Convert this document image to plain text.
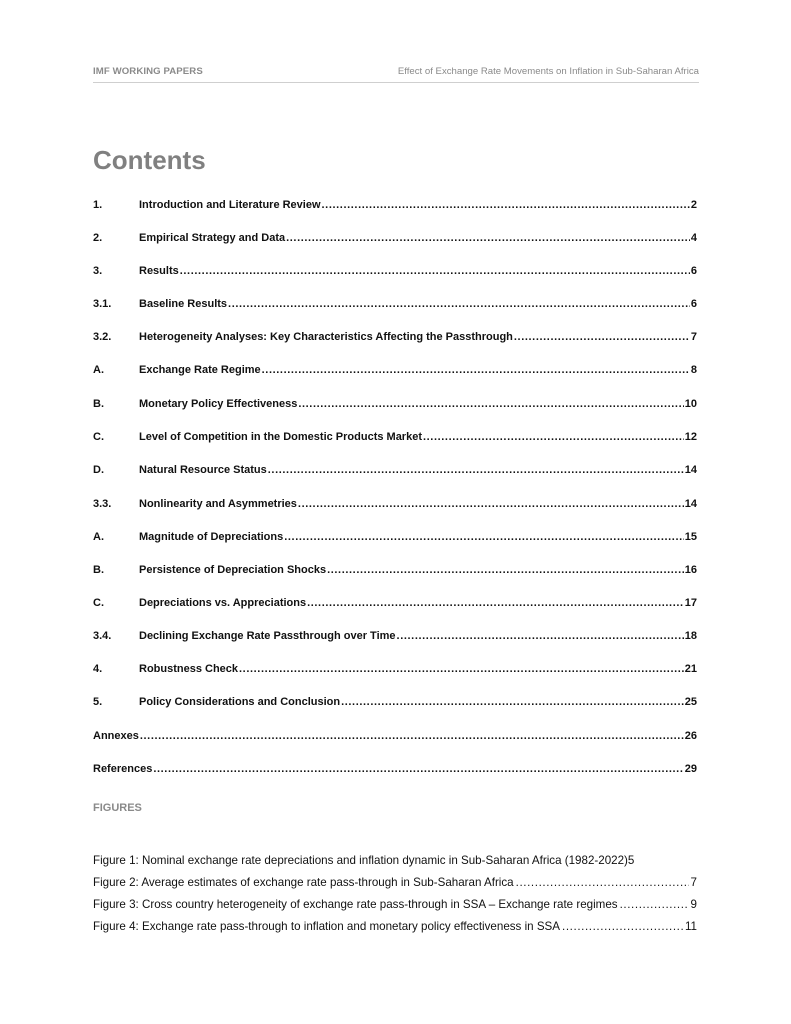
IMF WORKING PAPERS	Effect of Exchange Rate Movements on Inflation in Sub-Saharan Africa
Contents
1.	Introduction and Literature Review .....	2
2.	Empirical Strategy and Data .....	4
3.	Results .....	6
3.1.	Baseline Results .....	6
3.2.	Heterogeneity Analyses: Key Characteristics Affecting the Passthrough .....	7
A.	Exchange Rate Regime .....	8
B.	Monetary Policy Effectiveness .....	10
C.	Level of Competition in the Domestic Products Market .....	12
D.	Natural Resource Status .....	14
3.3.	Nonlinearity and Asymmetries .....	14
A.	Magnitude of Depreciations .....	15
B.	Persistence of Depreciation Shocks .....	16
C.	Depreciations vs. Appreciations .....	17
3.4.	Declining Exchange Rate Passthrough over Time .....	18
4.	Robustness Check .....	21
5.	Policy Considerations and Conclusion .....	25
Annexes .....	26
References .....	29
FIGURES
Figure 1: Nominal exchange rate depreciations and inflation dynamic in Sub-Saharan Africa (1982-2022) 5
Figure 2: Average estimates of exchange rate pass-through in Sub-Saharan Africa .....	7
Figure 3: Cross country heterogeneity of exchange rate pass-through in SSA – Exchange rate regimes .....	9
Figure 4: Exchange rate pass-through to inflation and monetary policy effectiveness in SSA .....	11
